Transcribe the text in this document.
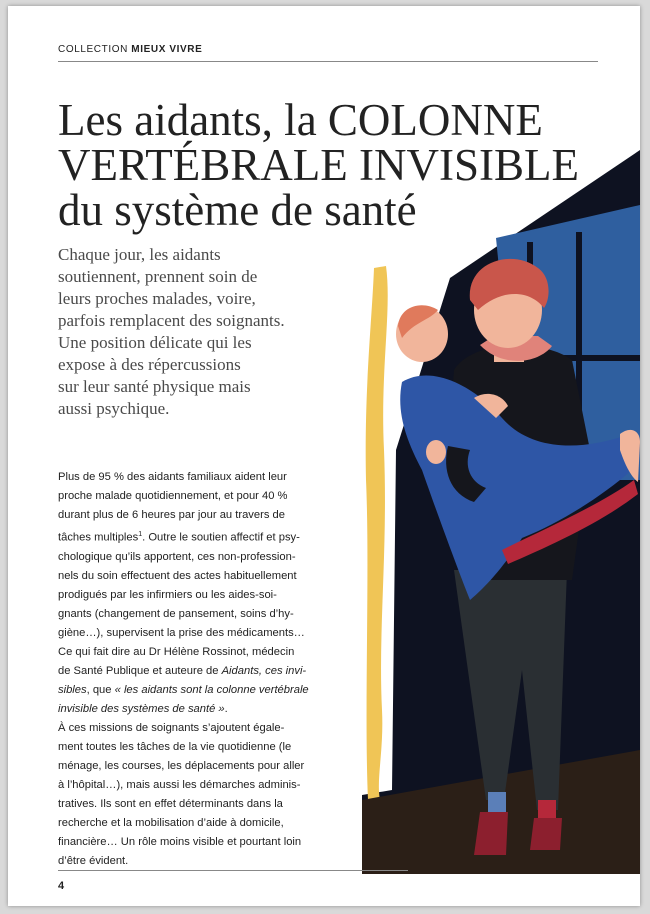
COLLECTION MIEUX VIVRE
Les aidants, la COLONNE
VERTÉBRALE INVISIBLE
du système de santé

Chaque jour, les aidants
soutiennent, prennent soin de
leurs proches malades, voire,
parfois remplacent des soignants.
Une position délicate qui les
expose à des répercussions
sur leur santé physique mais
aussi psychique.

Plus de 95 % des aidants familiaux aident leur
proche malade quotidiennement, et pour 40 %
durant plus de 6 heures par jour au travers de
tâches multiples$^1$. Outre le soutien affectif et psy-
chologique qu’ils apportent, ces non-profession-
nels du soin effectuent des actes habituellement
prodigués par les infirmiers ou les aides-soi-
gnants (changement de pansement, soins d’hy-
giène…), supervisent la prise des médicaments…
Ce qui fait dire au Dr Hélène Rossinot, médecin
de Santé Publique et auteure de Aidants, ces invi-
sibles, que « les aidants sont la colonne vertébrale
invisible des systèmes de santé ».
À ces missions de soignants s’ajoutent égale-
ment toutes les tâches de la vie quotidienne (le
ménage, les courses, les déplacements pour aller
à l’hôpital…), mais aussi les démarches adminis-
tratives. Ils sont en effet déterminants dans la
recherche et la mobilisation d’aide à domicile,
financière… Un rôle moins visible et pourtant loin
d’être évident.
4
